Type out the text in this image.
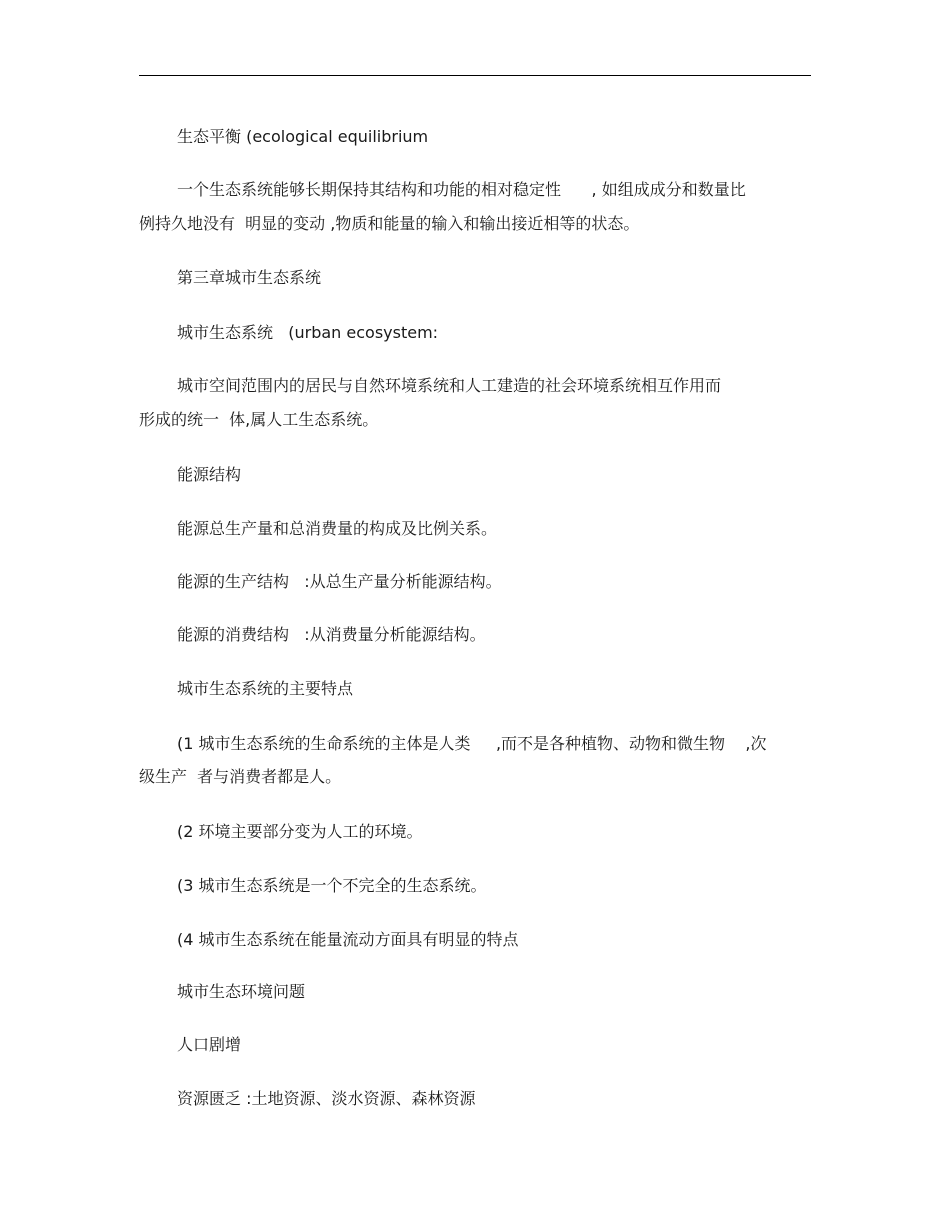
生态平衡 (ecological equilibrium
一个生态系统能够长期保持其结构和功能的相对稳定性      , 如组成成分和数量比
例持久地没有  明显的变动 ,物质和能量的输入和输出接近相等的状态。
第三章城市生态系统
城市生态系统   (urban ecosystem:
城市空间范围内的居民与自然环境系统和人工建造的社会环境系统相互作用而
形成的统一  体,属人工生态系统。
能源结构
能源总生产量和总消费量的构成及比例关系。
能源的生产结构   :从总生产量分析能源结构。
能源的消费结构   :从消费量分析能源结构。
城市生态系统的主要特点
(1 城市生态系统的生命系统的主体是人类     ,而不是各种植物、动物和微生物    ,次
级生产  者与消费者都是人。
(2 环境主要部分变为人工的环境。
(3 城市生态系统是一个不完全的生态系统。
(4 城市生态系统在能量流动方面具有明显的特点
城市生态环境问题
人口剧增
资源匮乏 :土地资源、淡水资源、森林资源
